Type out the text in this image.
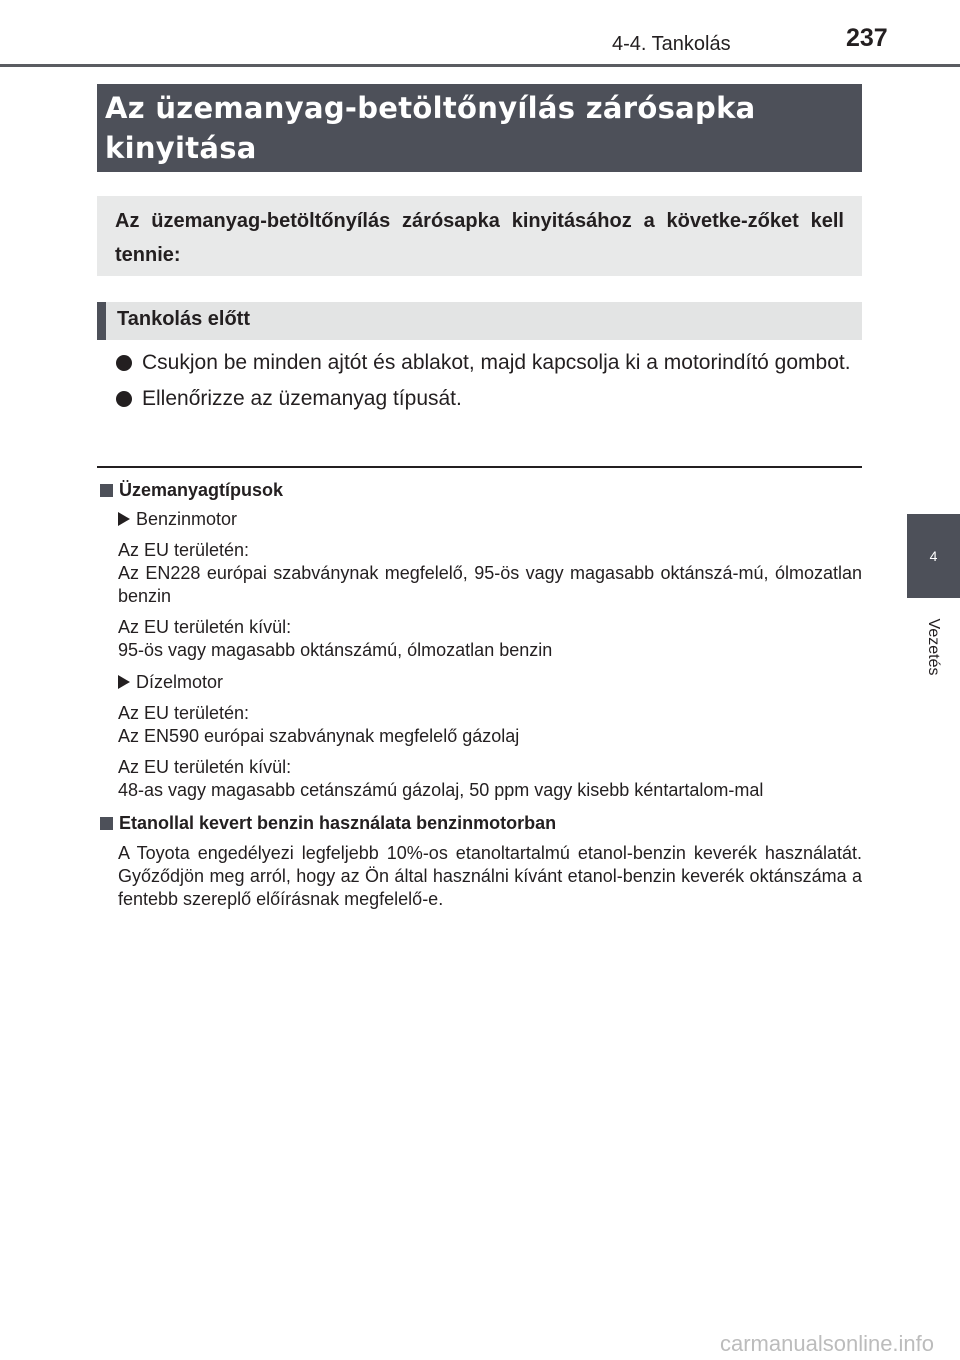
4-4. Tankolás	237
4
Vezetés
Az üzemanyag-betöltőnyílás zárósapka kinyitása
Az üzemanyag-betöltőnyílás zárósapka kinyitásához a követke-zőket kell tennie:
Tankolás előtt
Csukjon be minden ajtót és ablakot, majd kapcsolja ki a motorindító gombot.
Ellenőrizze az üzemanyag típusát.
Üzemanyagtípusok
Benzinmotor
Az EU területén:
Az EN228 európai szabványnak megfelelő, 95-ös vagy magasabb oktánszá-mú, ólmozatlan benzin
Az EU területén kívül:
95-ös vagy magasabb oktánszámú, ólmozatlan benzin
Dízelmotor
Az EU területén:
Az EN590 európai szabványnak megfelelő gázolaj
Az EU területén kívül:
48-as vagy magasabb cetánszámú gázolaj, 50 ppm vagy kisebb kéntartalom-mal
Etanollal kevert benzin használata benzinmotorban
A Toyota engedélyezi legfeljebb 10%-os etanoltartalmú etanol-benzin keverék használatát. Győződjön meg arról, hogy az Ön által használni kívánt etanol-benzin keverék oktánszáma a fentebb szereplő előírásnak megfelelő-e.
carmanualsonline.info
